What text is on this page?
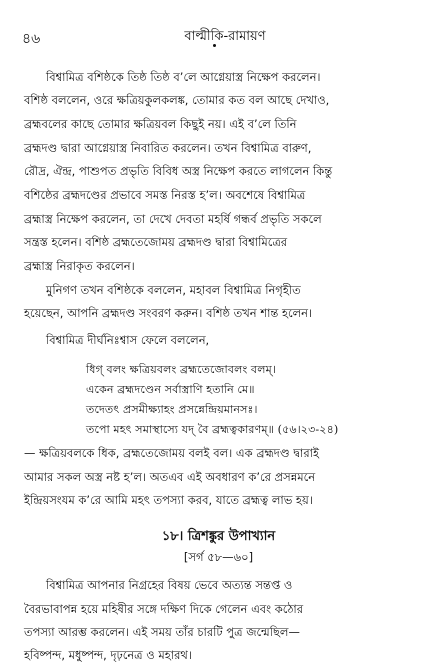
৪৬	বাল্মীকি-রামায়ণ
বিশ্বামিত্র বশিষ্ঠকে তিষ্ঠ তিষ্ঠ ব’লে আগ্নেয়াস্ত্র নিক্ষেপ করলেন।
বশিষ্ঠ বললেন, ওরে ক্ষত্রিয়কুলকলঙ্ক, তোমার কত বল আছে দেখাও,
ব্রহ্মবলের কাছে তোমার ক্ষত্রিয়বল কিছুই নয়। এই ব’লে তিনি
ব্রহ্মদণ্ড দ্বারা আগ্নেয়াস্ত্র নিবারিত করলেন। তখন বিশ্বামিত্র বারুণ,
রৌদ্র, ঐন্দ্র, পাশুপত প্রভৃতি বিবিধ অস্ত্র নিক্ষেপ করতে লাগলেন কিন্তু
বশিষ্ঠের ব্রহ্মদণ্ডের প্রভাবে সমস্ত নিরস্ত হ’ল। অবশেষে বিশ্বামিত্র
ব্রহ্মাস্ত্র নিক্ষেপ করলেন, তা দেখে দেবতা মহর্ষি গন্ধর্ব প্রভৃতি সকলে
সন্ত্রস্ত হলেন। বশিষ্ঠ ব্রহ্মতেজোময় ব্রহ্মদণ্ড দ্বারা বিশ্বামিত্রের
ব্রহ্মাস্ত্র নিরাকৃত করলেন।
মুনিগণ তখন বশিষ্ঠকে বললেন, মহাবল বিশ্বামিত্র নিগৃহীত
হয়েছেন, আপনি ব্রহ্মদণ্ড সংবরণ করুন। বশিষ্ঠ তখন শান্ত হলেন।
বিশ্বামিত্র দীর্ঘনিঃশ্বাস ফেলে বললেন,
ধিগ্ বলং ক্ষত্রিয়বলং ব্রহ্মতেজোবলং বলম্।
একেন ব্রহ্মদণ্ডেন সর্বাস্ত্রাণি হতানি মে॥
তদেতৎ প্রসমীক্ষ্যাহং প্রসন্নেন্দ্রিয়মানসঃ।
তপো মহৎ সমাস্থাস্যে যদ্ বৈ ব্রহ্মত্বকারণম্॥ (৫৬।২৩-২৪)
— ক্ষত্রিয়বলকে ধিক, ব্রহ্মতেজোময় বলই বল। এক ব্রহ্মদণ্ড দ্বারাই
আমার সকল অস্ত্র নষ্ট হ’ল। অতএব এই অবধারণ ক’রে প্রসন্নমনে
ইন্দ্রিয়সংযম ক’রে আমি মহৎ তপস্যা করব, যাতে ব্রহ্মত্ব লাভ হয়।
১৮। ত্রিশঙ্কুর উপাখ্যান
[সর্গ ৫৮—৬০]
বিশ্বামিত্র আপনার নিগ্রহের বিষয় ভেবে অত্যন্ত সন্তপ্ত ও
বৈরভাবাপন্ন হয়ে মহিষীর সঙ্গে দক্ষিণ দিকে গেলেন এবং কঠোর
তপস্যা আরম্ভ করলেন। এই সময় তাঁর চারটি পুত্র জন্মেছিল—
হবিষ্পন্দ, মধুষ্পন্দ, দৃঢ়নেত্র ও মহারথ।
